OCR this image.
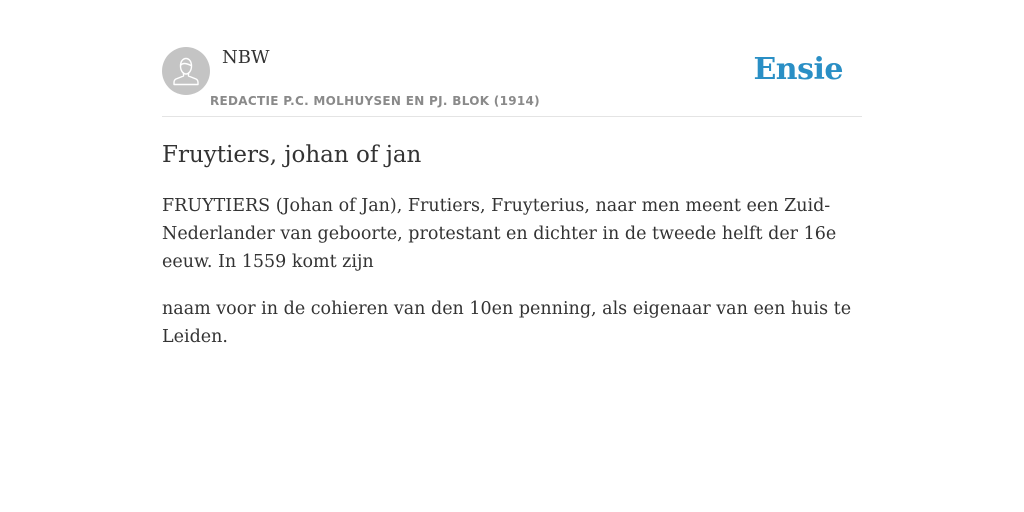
NBW
REDACTIE P.C. MOLHUYSEN EN PJ. BLOK (1914)
Ensie
Fruytiers, johan of jan

FRUYTIERS (Johan of Jan), Frutiers, Fruyterius, naar men meent een Zuid-Nederlander van geboorte, protestant en dichter in de tweede helft der 16e eeuw. In 1559 komt zijn

naam voor in de cohieren van den 10en penning, als eigenaar van een huis te Leiden.
